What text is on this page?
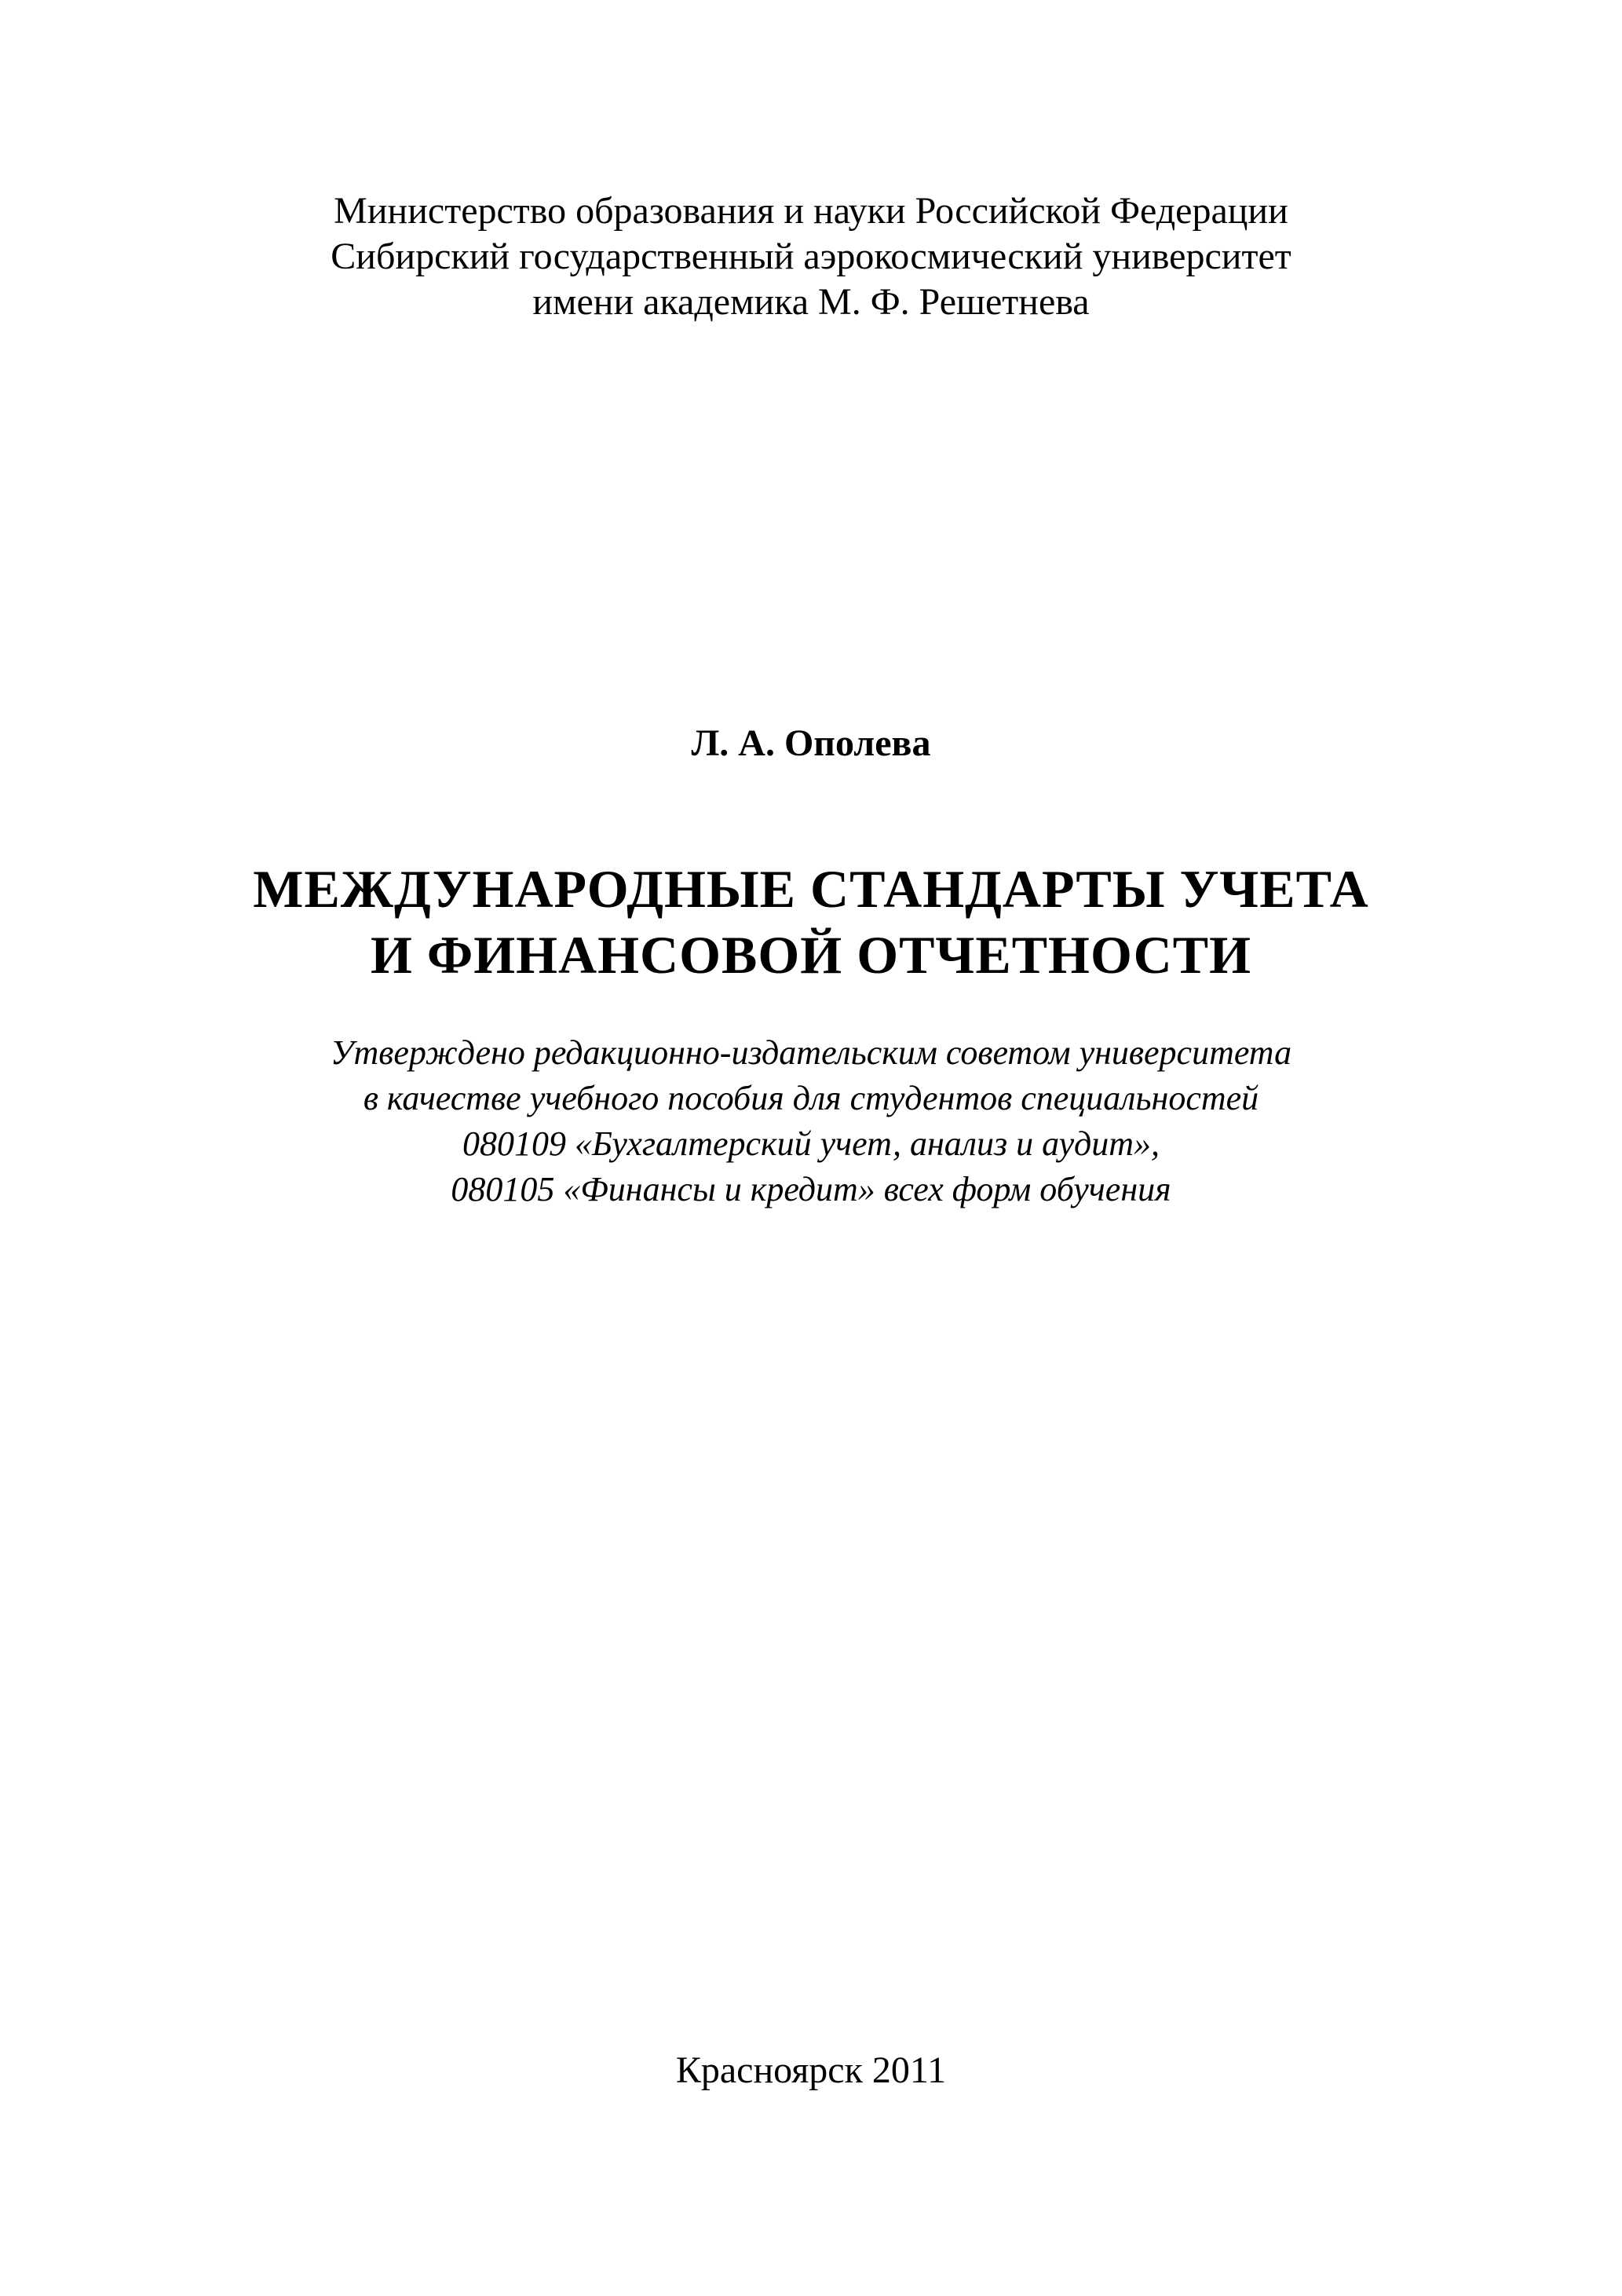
Министерство образования и науки Российской Федерации
Сибирский государственный аэрокосмический университет
имени академика М. Ф. Решетнева
Л. А. Ополева
МЕЖДУНАРОДНЫЕ СТАНДАРТЫ УЧЕТА
И ФИНАНСОВОЙ ОТЧЕТНОСТИ
Утверждено редакционно-издательским советом университета
в качестве учебного пособия для студентов специальностей
080109 «Бухгалтерский учет, анализ и аудит»,
080105 «Финансы и кредит» всех форм обучения
Красноярск 2011
